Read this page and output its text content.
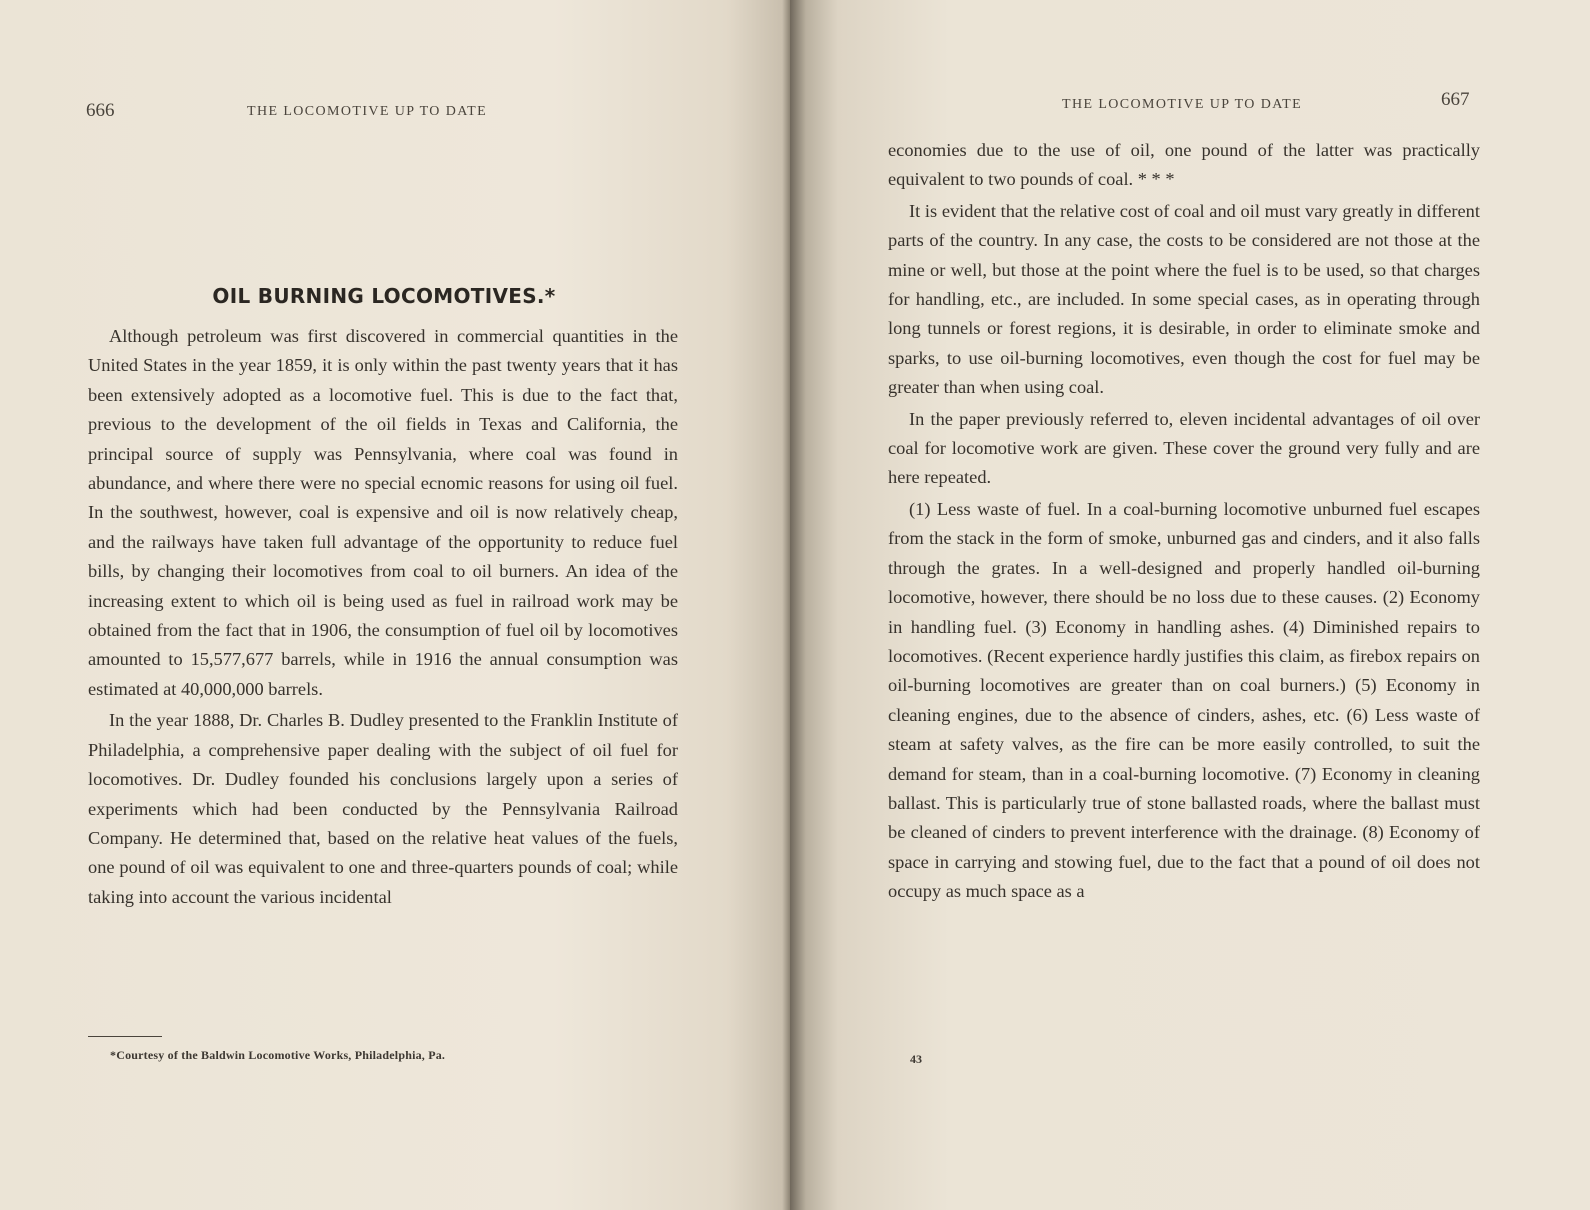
666	THE LOCOMOTIVE UP TO DATE
OIL BURNING LOCOMOTIVES.*

Although petroleum was first discovered in commercial quantities in the United States in the year 1859, it is only within the past twenty years that it has been extensively adopted as a locomotive fuel. This is due to the fact that, previous to the development of the oil fields in Texas and California, the principal source of supply was Pennsylvania, where coal was found in abundance, and where there were no special ecnomic reasons for using oil fuel. In the southwest, however, coal is expensive and oil is now relatively cheap, and the railways have taken full advantage of the opportunity to reduce fuel bills, by changing their locomotives from coal to oil burners. An idea of the increasing extent to which oil is being used as fuel in railroad work may be obtained from the fact that in 1906, the consumption of fuel oil by locomotives amounted to 15,577,677 barrels, while in 1916 the annual consumption was estimated at 40,000,000 barrels.

In the year 1888, Dr. Charles B. Dudley presented to the Franklin Institute of Philadelphia, a comprehensive paper dealing with the subject of oil fuel for locomotives. Dr. Dudley founded his conclusions largely upon a series of experiments which had been conducted by the Pennsylvania Railroad Company. He determined that, based on the relative heat values of the fuels, one pound of oil was equivalent to one and three-quarters pounds of coal; while taking into account the various incidental

*Courtesy of the Baldwin Locomotive Works, Philadelphia, Pa.
THE LOCOMOTIVE UP TO DATE	667

economies due to the use of oil, one pound of the latter was practically equivalent to two pounds of coal. * * *

It is evident that the relative cost of coal and oil must vary greatly in different parts of the country. In any case, the costs to be considered are not those at the mine or well, but those at the point where the fuel is to be used, so that charges for handling, etc., are included. In some special cases, as in operating through long tunnels or forest regions, it is desirable, in order to eliminate smoke and sparks, to use oil-burning locomotives, even though the cost for fuel may be greater than when using coal.

In the paper previously referred to, eleven incidental advantages of oil over coal for locomotive work are given. These cover the ground very fully and are here repeated.

(1) Less waste of fuel. In a coal-burning locomotive unburned fuel escapes from the stack in the form of smoke, unburned gas and cinders, and it also falls through the grates. In a well-designed and properly handled oil-burning locomotive, however, there should be no loss due to these causes. (2) Economy in handling fuel. (3) Economy in handling ashes. (4) Diminished repairs to locomotives. (Recent experience hardly justifies this claim, as firebox repairs on oil-burning locomotives are greater than on coal burners.) (5) Economy in cleaning engines, due to the absence of cinders, ashes, etc. (6) Less waste of steam at safety valves, as the fire can be more easily controlled, to suit the demand for steam, than in a coal-burning locomotive. (7) Economy in cleaning ballast. This is particularly true of stone ballasted roads, where the ballast must be cleaned of cinders to prevent interference with the drainage. (8) Economy of space in carrying and stowing fuel, due to the fact that a pound of oil does not occupy as much space as a

43
